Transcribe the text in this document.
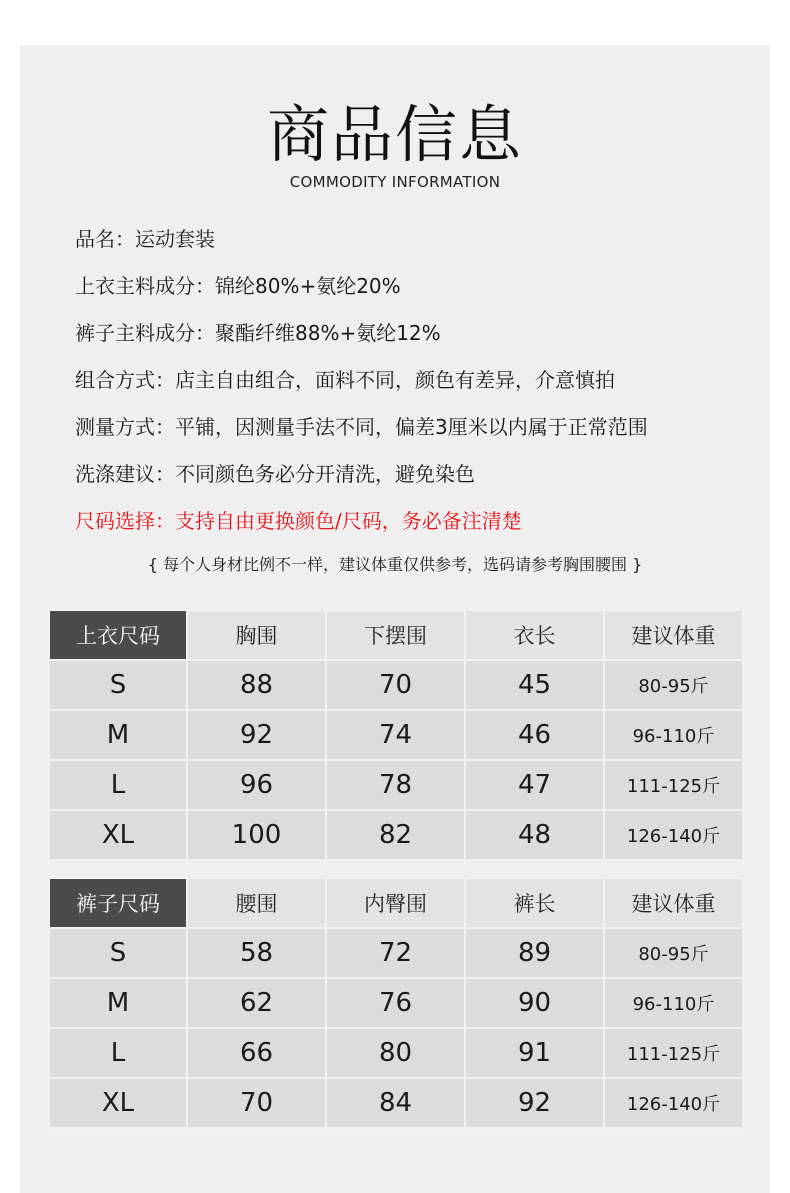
商品信息
COMMODITY INFORMATION
品名：运动套装
上衣主料成分：锦纶80%+氨纶20%
裤子主料成分：聚酯纤维88%+氨纶12%
组合方式：店主自由组合，面料不同，颜色有差异，介意慎拍
测量方式：平铺，因测量手法不同，偏差3厘米以内属于正常范围
洗涤建议：不同颜色务必分开清洗，避免染色
尺码选择：支持自由更换颜色/尺码，务必备注清楚
{ 每个人身材比例不一样，建议体重仅供参考，选码请参考胸围腰围 }
上衣尺码	胸围	下摆围	衣长	建议体重
S	88	70	45	80-95斤
M	92	74	46	96-110斤
L	96	78	47	111-125斤
XL	100	82	48	126-140斤
裤子尺码	腰围	内臀围	裤长	建议体重
S	58	72	89	80-95斤
M	62	76	90	96-110斤
L	66	80	91	111-125斤
XL	70	84	92	126-140斤
